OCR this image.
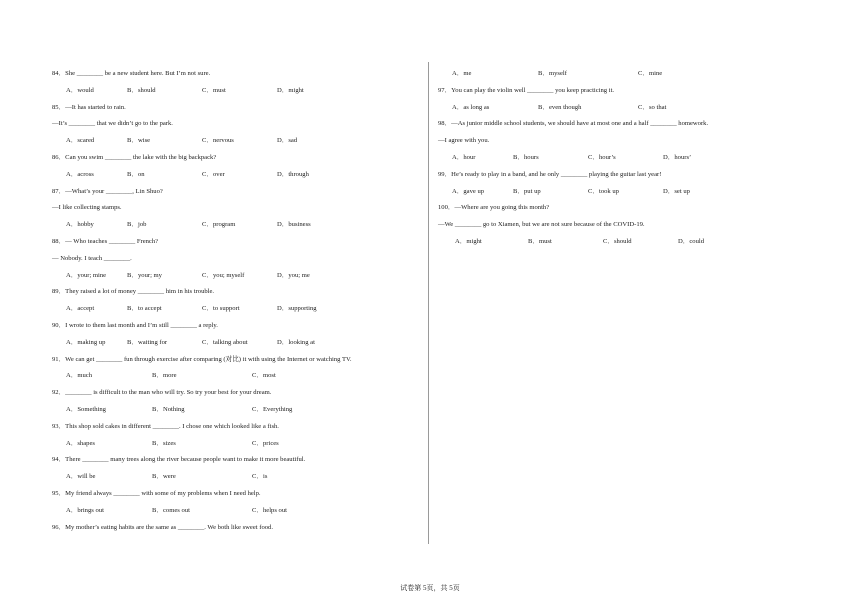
84．She ________ be a new student here. But I’m not sure.
A．would	B．should	C．must	D．might
85．—It has started to rain.
—It’s ________ that we didn’t go to the park.
A．scared	B．wise	C．nervous	D．sad
86．Can you swim ________ the lake with the big backpack?
A．across	B．on	C．over	D．through
87．—What’s your ________, Lin Shuo?
—I like collecting stamps.
A．hobby	B．job	C．program	D．business
88．— Who teaches ________ French?
— Nobody. I teach ________.
A．your; mine	B．your; my	C．you; myself	D．you; me
89．They raised a lot of money ________ him in his trouble.
A．accept	B．to accept	C．to support	D．supporting
90．I wrote to them last month and I’m still ________ a reply.
A．making up	B．waiting for	C．talking about	D．looking at
91．We can get ________ fun through exercise after comparing (对比) it with using the Internet or watching TV.
A．much	B．more	C．most
92．________ is difficult to the man who will try. So try your best for your dream.
A．Something	B．Nothing	C．Everything
93．This shop sold cakes in different ________. I chose one which looked like a fish.
A．shapes	B．sizes	C．prices
94．There ________ many trees along the river because people want to make it more beautiful.
A．will be	B．were	C．is
95．My friend always ________ with some of my problems when I need help.
A．brings out	B．comes out	C．helps out
96．My mother’s eating habits are the same as ________. We both like sweet food.
A．me	B．myself	C．mine
97．You can play the violin well ________ you keep practicing it.
A．as long as	B．even though	C．so that
98．—As junior middle school students, we should have at most one and a half ________ homework.
—I agree with you.
A．hour	B．hours	C．hour’s	D．hours’
99．He’s ready to play in a band, and he only ________ playing the guitar last year!
A．gave up	B．put up	C．took up	D．set up
100．—Where are you going this month?
—We ________ go to Xiamen, but we are not sure because of the COVID-19.
A．might	B．must	C．should	D．could
试卷第 5页，共 5页
